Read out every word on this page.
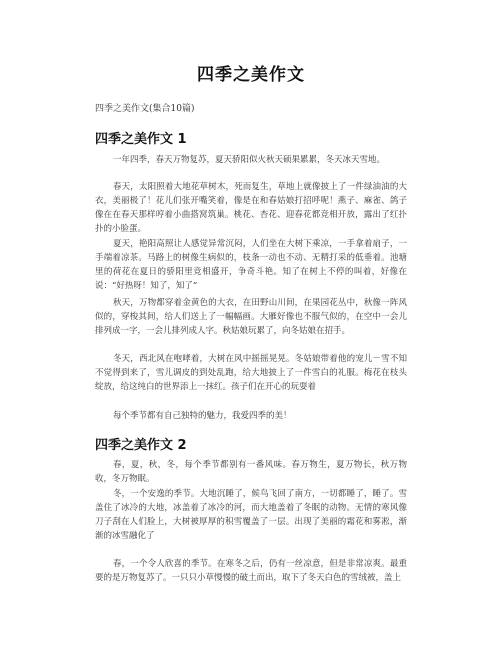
四季之美作文
四季之美作文(集合10篇)
四季之美作文 1

一年四季，春天万物复苏，夏天骄阳似火秋天硕果累累，冬天冰天雪地。

春天，太阳照着大地花草树木，死而复生，草地上就像披上了一件绿油油的大衣，美丽极了！花儿们张开嘴笑着，像是在和春姑娘打招呼呢！燕子、麻雀、鸽子像在在春天那样哼着小曲搭窝筑巢。桃花、杏花、迎春花都竞相开放，露出了红扑扑的小脸蛋。

夏天，艳阳高照让人感觉异常沉闷，人们坐在大树下乘凉，一手拿着扇子，一手端着凉茶。马路上的树像生病似的，枝条一动也不动、无精打采的低垂着。池塘里的荷花在夏日的骄阳里竞相盛开，争奇斗艳。知了在树上不停的叫着，好像在说：“好热呀！知了，知了”

秋天，万物都穿着金黄色的大衣，在田野山川间，在果园花丛中，秋像一阵风似的，穿梭其间，给人们送上了一幅幅画。大雁好像也不服气似的，在空中一会儿排列成一字，一会儿排列成人字。秋姑娘玩累了，向冬姑娘在招手。

冬天，西北风在咆哮着，大树在风中摇摇晃晃。冬姑娘带着他的宠儿－雪不知不觉得到来了，雪儿调皮的到处乱跑，给大地披上了一件雪白的礼服。梅花在枝头绽放，给这纯白的世界添上一抹红。孩子们在开心的玩耍着

每个季节都有自己独特的魅力，我爱四季的美！

四季之美作文 2

春，夏，秋，冬，每个季节都别有一番风味。春万物生，夏万物长，秋万物收，冬万物眠。

冬，一个安逸的季节。大地沉睡了，候鸟飞回了南方，一切都睡了，睡了。雪盖住了冰冷的大地，冰盖着了冰冷的河，而大地盖着了冬眠的动物。无情的寒风像刀子刮在人们脸上，大树被厚厚的积雪覆盖了一层。出现了美丽的霜花和雾凇，渐渐的冰雪融化了

春，一个令人欣喜的季节。在寒冬之后，仍有一丝凉意，但是非常凉爽。最重要的是万物复苏了。一只只小草慢慢的破土而出，取下了冬天白色的雪绒被，盖上
